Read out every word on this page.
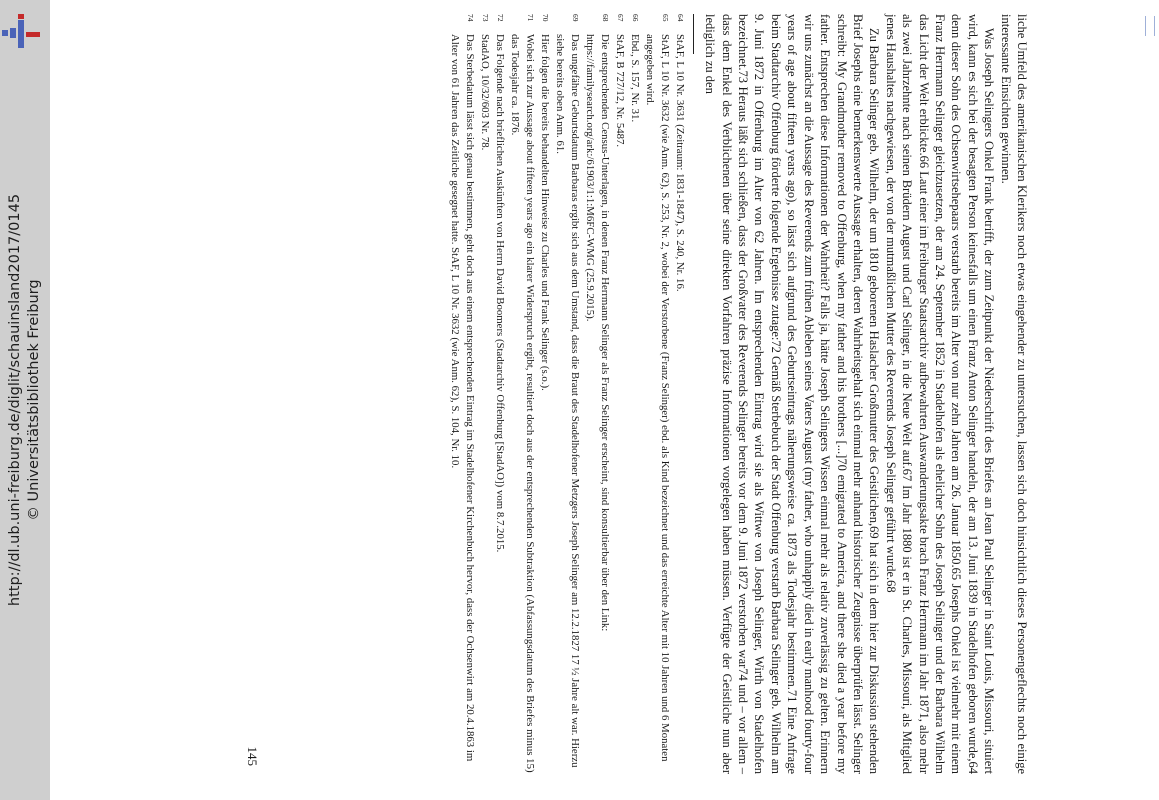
http://dl.ub.uni-freiburg.de/diglit/schauinsland2017/0145 © Universitätsbibliothek Freiburg	liche Umfeld des amerikanischen Klerikers noch etwas eingehender zu untersuchen, lassen sich doch hinsichtlich dieses Personengeflechts noch einige interessante Einsichten gewinnen.

Was Joseph Selingers Onkel Frank betrifft, der zum Zeitpunkt der Niederschrift des Briefes an Jean Paul Selinger in Saint Louis, Missouri, situiert wird, kann es sich bei der besagten Person keinesfalls um einen Franz Anton Selinger handeln, der am 13. Juni 1839 in Stadelhofen geboren wurde,64 denn dieser Sohn des Ochsenwirtsehepaars verstarb bereits im Alter von nur zehn Jahren am 26. Januar 1850.65 Josephs Onkel ist vielmehr mit einem Franz Herrmann Selinger gleichzusetzen, der am 24. September 1852 in Stadelhofen als ehelicher Sohn des Joseph Selinger und der Barbara Wilhelm das Licht der Welt erblickte.66 Laut einer im Freiburger Staatsarchiv aufbewahrten Auswanderungsakte brach Franz Herrmann im Jahr 1871, also mehr als zwei Jahrzehnte nach seinen Brüdern August und Carl Selinger, in die Neue Welt auf.67 Im Jahr 1880 ist er in St. Charles, Missouri, als Mitglied jenes Haushaltes nachgewiesen, der von der mutmaßlichen Mutter des Reverends Joseph Selinger geführt wurde.68

Zu Barbara Selinger geb. Wilhelm, der um 1810 geborenen Haslacher Großmutter des Geistlichen,69 hat sich in dem hier zur Diskussion stehenden Brief Josephs eine bemerkenswerte Aussage erhalten, deren Wahrheitsgehalt sich einmal mehr anhand historischer Zeugnisse überprüfen lässt. Selinger schreibt: My Grandmother removed to Offenburg, when my father and his brothers [...]70 emigrated to America, and there she died a year before my father. Entsprechen diese Informationen der Wahrheit? Falls ja, hätte Joseph Selingers Wissen einmal mehr als relativ zuverlässig zu gelten. Erinnern wir uns zunächst an die Aussage des Reverends zum frühen Ableben seines Vaters August (my father, who unhappily died in early manhood fourty-four years of age about fifteen years ago), so lässt sich aufgrund des Geburtseintrags näherungsweise ca. 1873 als Todesjahr bestimmen.71 Eine Anfrage beim Stadtarchiv Offenburg förderte folgende Ergebnisse zutage:72 Gemäß Sterbebuch der Stadt Offenburg verstarb Barbara Selinger geb. Wilhelm am 9. Juni 1872 in Offenburg im Alter von 62 Jahren. Im entsprechenden Eintrag wird sie als Wittwe von Joseph Selinger, Wirth von Stadelhofen bezeichnet.73 Heraus läßt sich schließen, dass der Großvater des Reverends Selinger bereits vor dem 9. Juni 1872 verstorben war74 und – vor allem – dass dem Enkel des Verblichenen über seine direkten Vorfahren präzise Informationen vorgelegen haben müssen. Verfügte der Geistliche nun aber lediglich zu den

64
StAF, L 10 Nr. 3631 (Zeitraum: 1831-1847), S. 240, Nr. 16.
65
StAF, L 10 Nr. 3632 (wie Anm. 62), S. 253, Nr. 2, wobei der Verstorbene (Franz Selinger) ebd. als Kind bezeichnet und das erreichte Alter mit 10 Jahren und 6 Monaten angegeben wird.
66
Ebd., S. 157, Nr. 31.
67
StAF, B 727/12, Nr. 5487.
68
Die entsprechenden Census-Unterlagen, in denen Franz Herrmann Selinger als Franz Selinger erscheint, sind konsultierbar über den Link: https://familysearch.org/ark:/61903/1:1:M6FC-WMG (25.9.2015).
69
Das ungefähre Geburtsdatum Barbaras ergibt sich aus dem Umstand, dass die Braut des Stadelhofener Metzgers Joseph Selinger am 12.2.1827 17 ½ Jahre alt war. Hierzu siehe bereits oben Anm. 61.
70
Hier folgen die bereits behandelten Hinweise zu Charles und Frank Selinger (s.o.).
71
Wobei sich zur Aussage about fifteen years ago ein klarer Widerspruch ergibt, resultiert doch aus der entsprechenden Subtraktion (Abfassungsdatum des Briefes minus 15) das Todesjahr ca. 1876.
72
Das Folgende nach brieflichen Auskünften von Herrn David Boomers (Stadtarchiv Offenburg [StadAO]) vom 8.7.2015.
73
StadAO, 10/32/603 Nr. 78.
74
Das Sterbedatum lässt sich genau bestimmen, geht doch aus einem entsprechenden Eintrag im Stadelhofener Kirchenbuch hervor, dass der Ochsenwirt am 20.4.1863 im Alter von 61 Jahren das Zeitliche gesegnet hatte. StAF, L 10 Nr. 3632 (wie Anm. 62), S. 104, Nr. 10.
145
